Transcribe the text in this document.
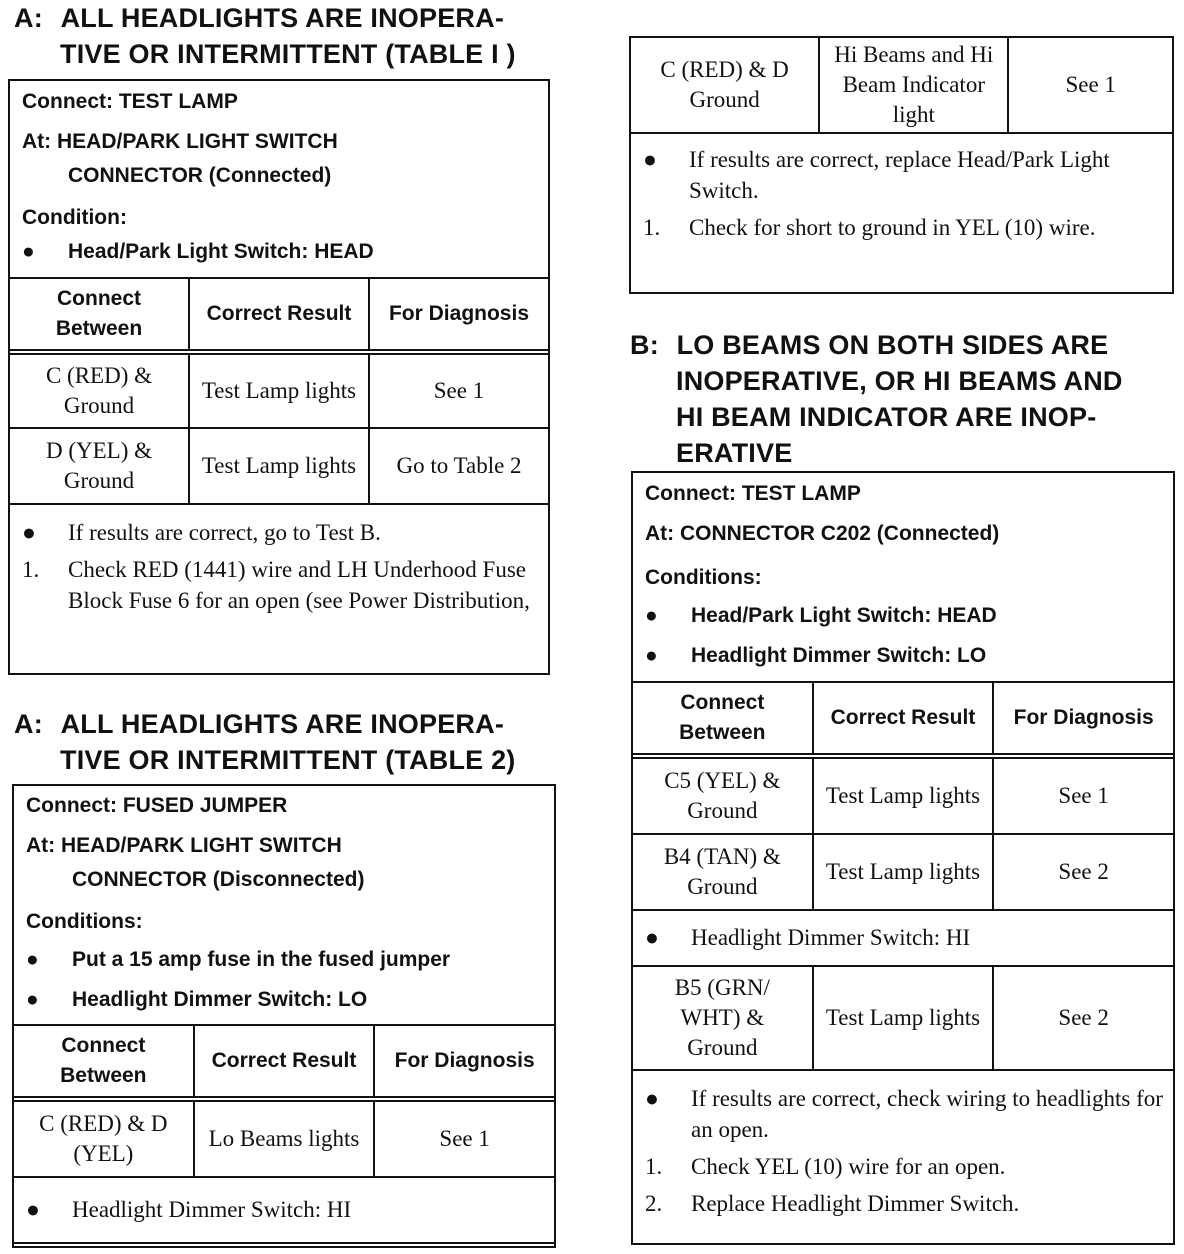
A: ALL HEADLIGHTS ARE INOPERA-
TIVE OR INTERMITTENT (TABLE I )
Connect: TEST LAMP
At: HEAD/PARK LIGHT SWITCH
CONNECTOR (Connected)
Condition:
●	Head/Park Light Switch: HEAD
Connect Between	Correct Result	For Diagnosis
C (RED) & Ground	Test Lamp lights	See 1
D (YEL) & Ground	Test Lamp lights	Go to Table 2
●	If results are correct, go to Test B.
1.	Check RED (1441) wire and LH Underhood Fuse Block Fuse 6 for an open (see Power Distribution,
A: ALL HEADLIGHTS ARE INOPERA-
TIVE OR INTERMITTENT (TABLE 2)
Connect: FUSED JUMPER
At: HEAD/PARK LIGHT SWITCH
CONNECTOR (Disconnected)
Conditions:
●	Put a 15 amp fuse in the fused jumper
●	Headlight Dimmer Switch: LO
Connect Between	Correct Result	For Diagnosis
C (RED) & D (YEL)	Lo Beams lights	See 1

● Headlight Dimmer Switch: HI		
C (RED) & D Ground	Hi Beams and Hi Beam Indicator light	See 1
●	If results are correct, replace Head/Park Light Switch.
1.	Check for short to ground in YEL (10) wire.
B: LO BEAMS ON BOTH SIDES ARE
INOPERATIVE, OR HI BEAMS AND
HI BEAM INDICATOR ARE INOP-
ERATIVE
Connect: TEST LAMP
At: CONNECTOR C202 (Connected)
Conditions:
●	Head/Park Light Switch: HEAD
●	Headlight Dimmer Switch: LO
Connect Between	Correct Result	For Diagnosis
C5 (YEL) & Ground	Test Lamp lights	See 1
B4 (TAN) & Ground	Test Lamp lights	See 2

● Headlight Dimmer Switch: HI		

B5 (GRN/ WHT) & Ground	Test Lamp lights	See 2
●	If results are correct, check wiring to headlights for an open.
1.	Check YEL (10) wire for an open.
2.	Replace Headlight Dimmer Switch.
